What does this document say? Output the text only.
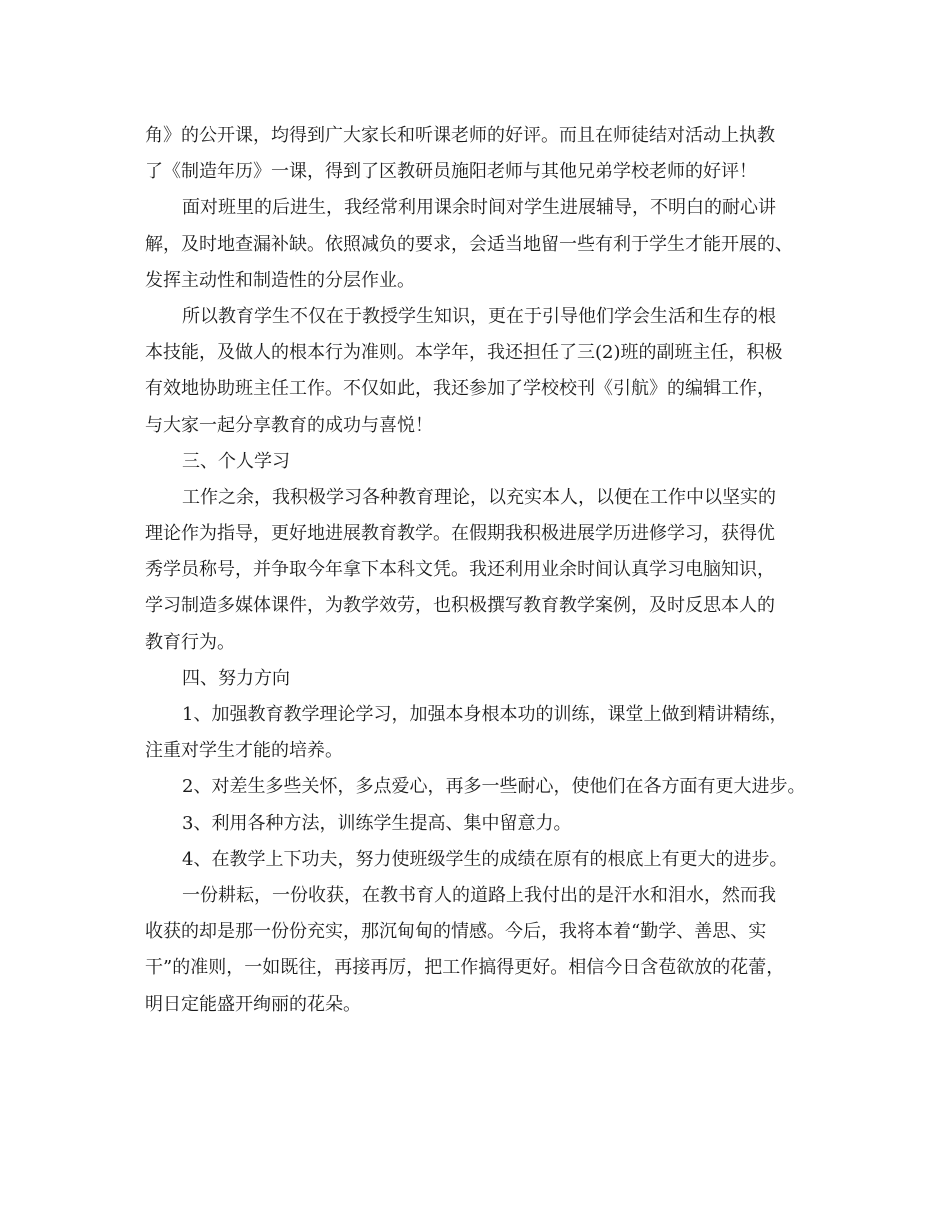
角》的公开课，均得到广大家长和听课老师的好评。而且在师徒结对活动上执教
了《制造年历》一课，得到了区教研员施阳老师与其他兄弟学校老师的好评！
面对班里的后进生，我经常利用课余时间对学生进展辅导，不明白的耐心讲
解，及时地查漏补缺。依照减负的要求，会适当地留一些有利于学生才能开展的、
发挥主动性和制造性的分层作业。
所以教育学生不仅在于教授学生知识，更在于引导他们学会生活和生存的根
本技能，及做人的根本行为准则。本学年，我还担任了三(2)班的副班主任，积极
有效地协助班主任工作。不仅如此，我还参加了学校校刊《引航》的编辑工作，
与大家一起分享教育的成功与喜悦！
三、个人学习
工作之余，我积极学习各种教育理论，以充实本人，以便在工作中以坚实的
理论作为指导，更好地进展教育教学。在假期我积极进展学历进修学习，获得优
秀学员称号，并争取今年拿下本科文凭。我还利用业余时间认真学习电脑知识，
学习制造多媒体课件，为教学效劳，也积极撰写教育教学案例，及时反思本人的
教育行为。
四、努力方向
1、加强教育教学理论学习，加强本身根本功的训练，课堂上做到精讲精练，
注重对学生才能的培养。
2、对差生多些关怀，多点爱心，再多一些耐心，使他们在各方面有更大进步。
3、利用各种方法，训练学生提高、集中留意力。
4、在教学上下功夫，努力使班级学生的成绩在原有的根底上有更大的进步。
一份耕耘，一份收获，在教书育人的道路上我付出的是汗水和泪水，然而我
收获的却是那一份份充实，那沉甸甸的情感。今后，我将本着“勤学、善思、实
干”的准则，一如既往，再接再厉，把工作搞得更好。相信今日含苞欲放的花蕾，
明日定能盛开绚丽的花朵。
